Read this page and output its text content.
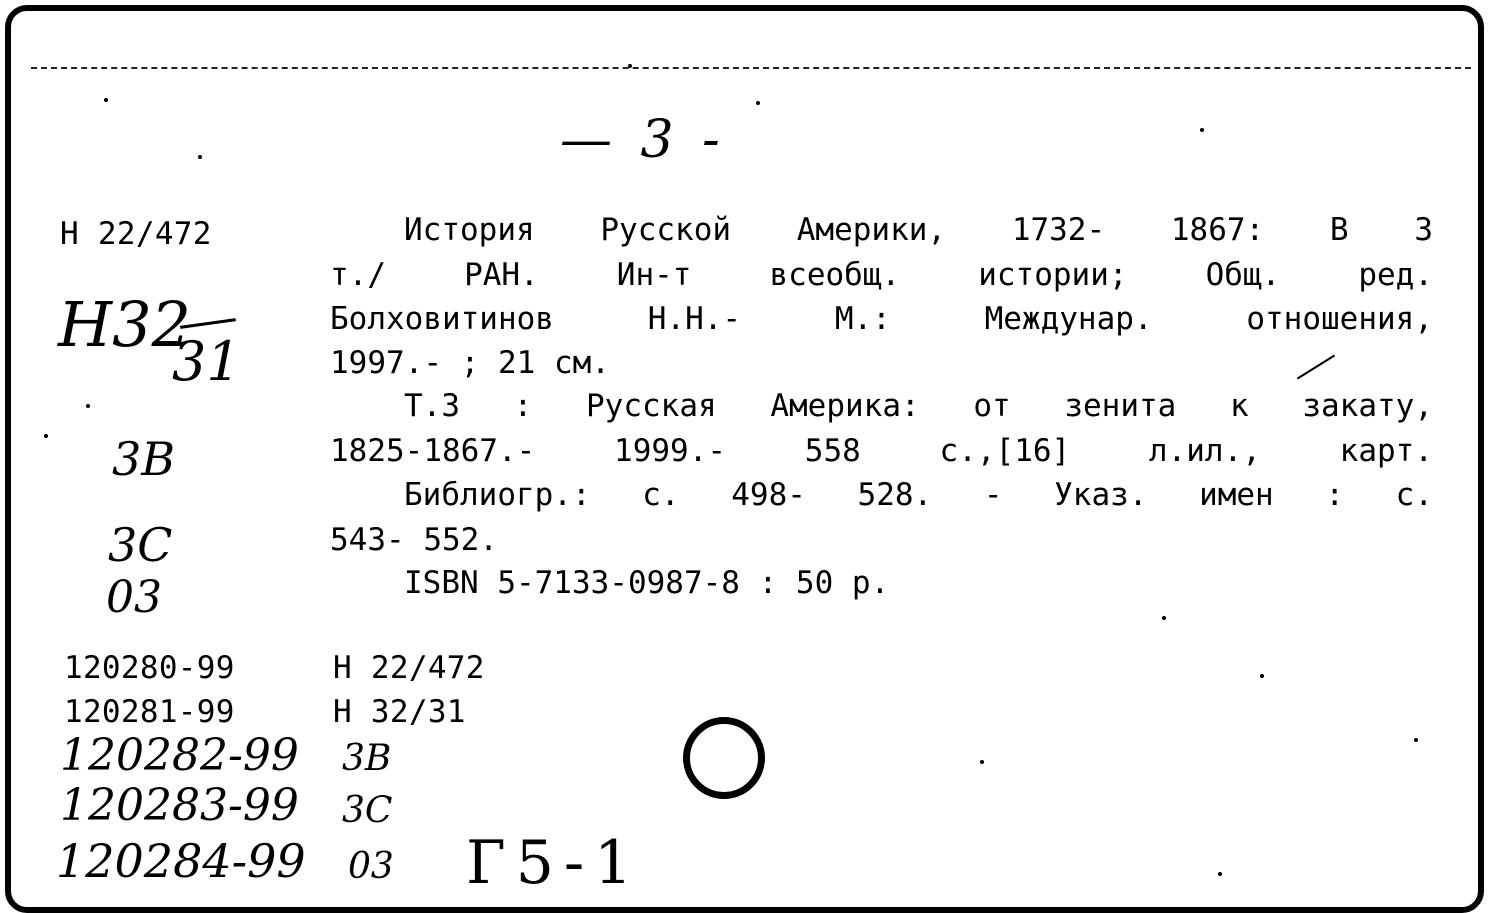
— 3 -
Н 22/472
Н32
31
3В
3С
03
История Русской Америки, 1732- 1867: В 3
т./ РАН. Ин-т всеобщ. истории; Общ. ред.
Болховитинов Н.Н.- М.: Междунар. отношения,
1997.- ; 21 см.
Т.3 : Русская Америка: от зенита к закату,
1825-1867.- 1999.- 558 с.,[16] л.ил., карт.
Библиогр.: с. 498- 528. - Указ. имен : с.
543- 552.
ISBN 5-7133-0987-8 : 50 р.
120280-99	Н 22/472
120281-99	Н 32/31
120282-99 3В
120283-99 3С
120284-99 03 Г5-1
